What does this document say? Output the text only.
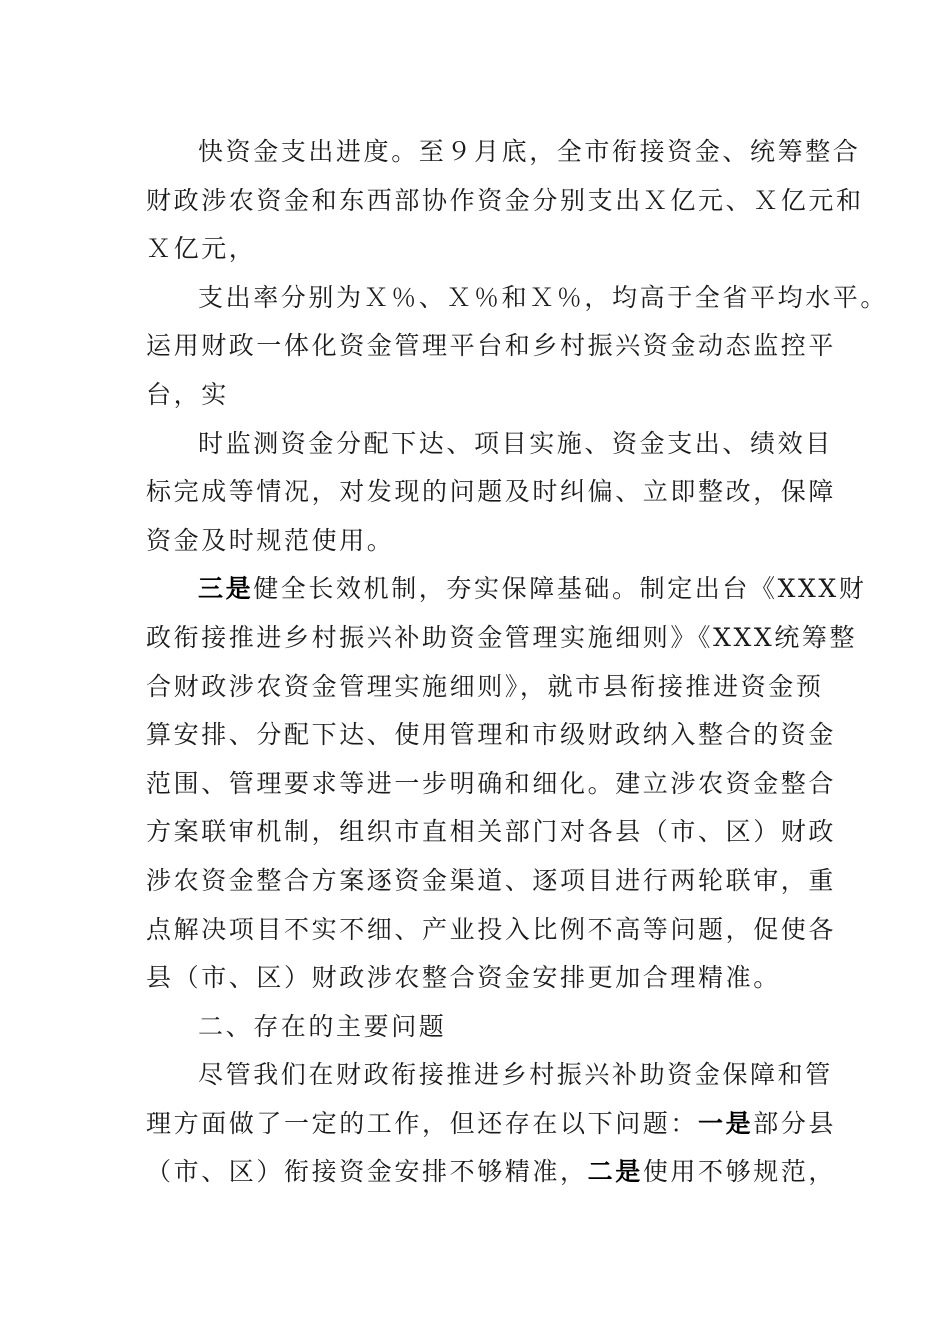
快资金支出进度。至９月底，全市衔接资金、统筹整合
财政涉农资金和东西部协作资金分别支出Ｘ亿元、Ｘ亿元和
Ｘ亿元，
支出率分别为Ｘ％、Ｘ％和Ｘ％，均高于全省平均水平。
运用财政一体化资金管理平台和乡村振兴资金动态监控平
台，实
时监测资金分配下达、项目实施、资金支出、绩效目
标完成等情况，对发现的问题及时纠偏、立即整改，保障
资金及时规范使用。
三是健全长效机制，夯实保障基础。制定出台《XXX财
政衔接推进乡村振兴补助资金管理实施细则》《XXX统筹整
合财政涉农资金管理实施细则》，就市县衔接推进资金预
算安排、分配下达、使用管理和市级财政纳入整合的资金
范围、管理要求等进一步明确和细化。建立涉农资金整合
方案联审机制，组织市直相关部门对各县（市、区）财政
涉农资金整合方案逐资金渠道、逐项目进行两轮联审，重
点解决项目不实不细、产业投入比例不高等问题，促使各
县（市、区）财政涉农整合资金安排更加合理精准。
二、存在的主要问题
尽管我们在财政衔接推进乡村振兴补助资金保障和管
理方面做了一定的工作，但还存在以下问题：一是部分县
（市、区）衔接资金安排不够精准，二是使用不够规范，
